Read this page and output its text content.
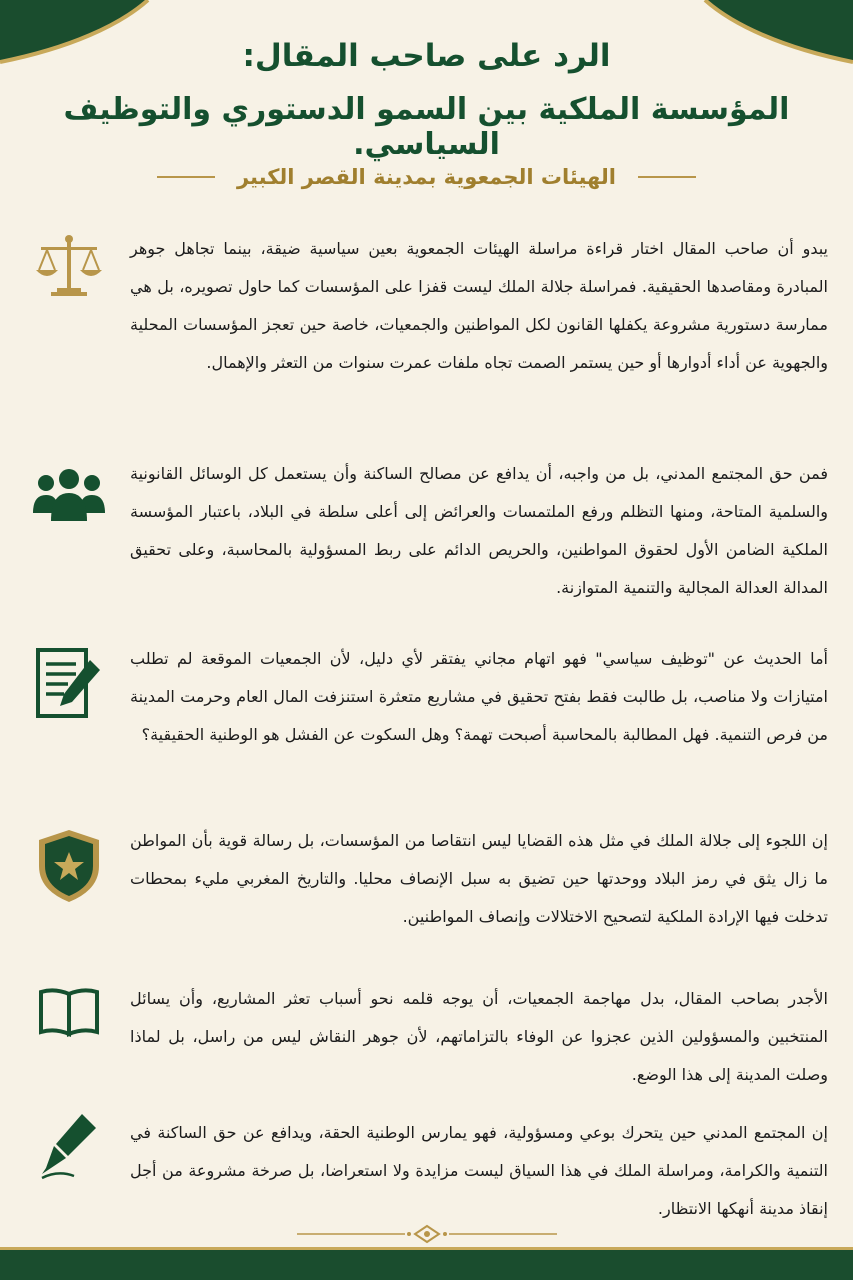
الرد على صاحب المقال:
المؤسسة الملكية بين السمو الدستوري والتوظيف السياسي.
الهيئات الجمعوية بمدينة القصر الكبير
يبدو أن صاحب المقال اختار قراءة مراسلة الهيئات الجمعوية بعين سياسية ضيقة، بينما تجاهل جوهر المبادرة ومقاصدها الحقيقية. فمراسلة جلالة الملك ليست قفزا على المؤسسات كما حاول تصويره، بل هي ممارسة دستورية مشروعة يكفلها القانون لكل المواطنين والجمعيات، خاصة حين تعجز المؤسسات المحلية والجهوية عن أداء أدوارها أو حين يستمر الصمت تجاه ملفات عمرت سنوات من التعثر والإهمال.
فمن حق المجتمع المدني، بل من واجبه، أن يدافع عن مصالح الساكنة وأن يستعمل كل الوسائل القانونية والسلمية المتاحة، ومنها التظلم ورفع الملتمسات والعرائض إلى أعلى سلطة في البلاد، باعتبار المؤسسة الملكية الضامن الأول لحقوق المواطنين، والحريص الدائم على ربط المسؤولية بالمحاسبة، وعلى تحقيق المدالة العدالة المجالية والتنمية المتوازنة.
أما الحديث عن "توظيف سياسي" فهو اتهام مجاني يفتقر لأي دليل، لأن الجمعيات الموقعة لم تطلب امتيازات ولا مناصب، بل طالبت فقط بفتح تحقيق في مشاريع متعثرة استنزفت المال العام وحرمت المدينة من فرص التنمية. فهل المطالبة بالمحاسبة أصبحت تهمة؟ وهل السكوت عن الفشل هو الوطنية الحقيقية؟
إن اللجوء إلى جلالة الملك في مثل هذه القضايا ليس انتقاصا من المؤسسات، بل رسالة قوية بأن المواطن ما زال يثق في رمز البلاد ووحدتها حين تضيق به سبل الإنصاف محليا. والتاريخ المغربي مليء بمحطات تدخلت فيها الإرادة الملكية لتصحيح الاختلالات وإنصاف المواطنين.
الأجدر بصاحب المقال، بدل مهاجمة الجمعيات، أن يوجه قلمه نحو أسباب تعثر المشاريع، وأن يسائل المنتخبين والمسؤولين الذين عجزوا عن الوفاء بالتزاماتهم، لأن جوهر النقاش ليس من راسل، بل لماذا وصلت المدينة إلى هذا الوضع.
إن المجتمع المدني حين يتحرك بوعي ومسؤولية، فهو يمارس الوطنية الحقة، ويدافع عن حق الساكنة في التنمية والكرامة، ومراسلة الملك في هذا السياق ليست مزايدة ولا استعراضا، بل صرخة مشروعة من أجل إنقاذ مدينة أنهكها الانتظار.
